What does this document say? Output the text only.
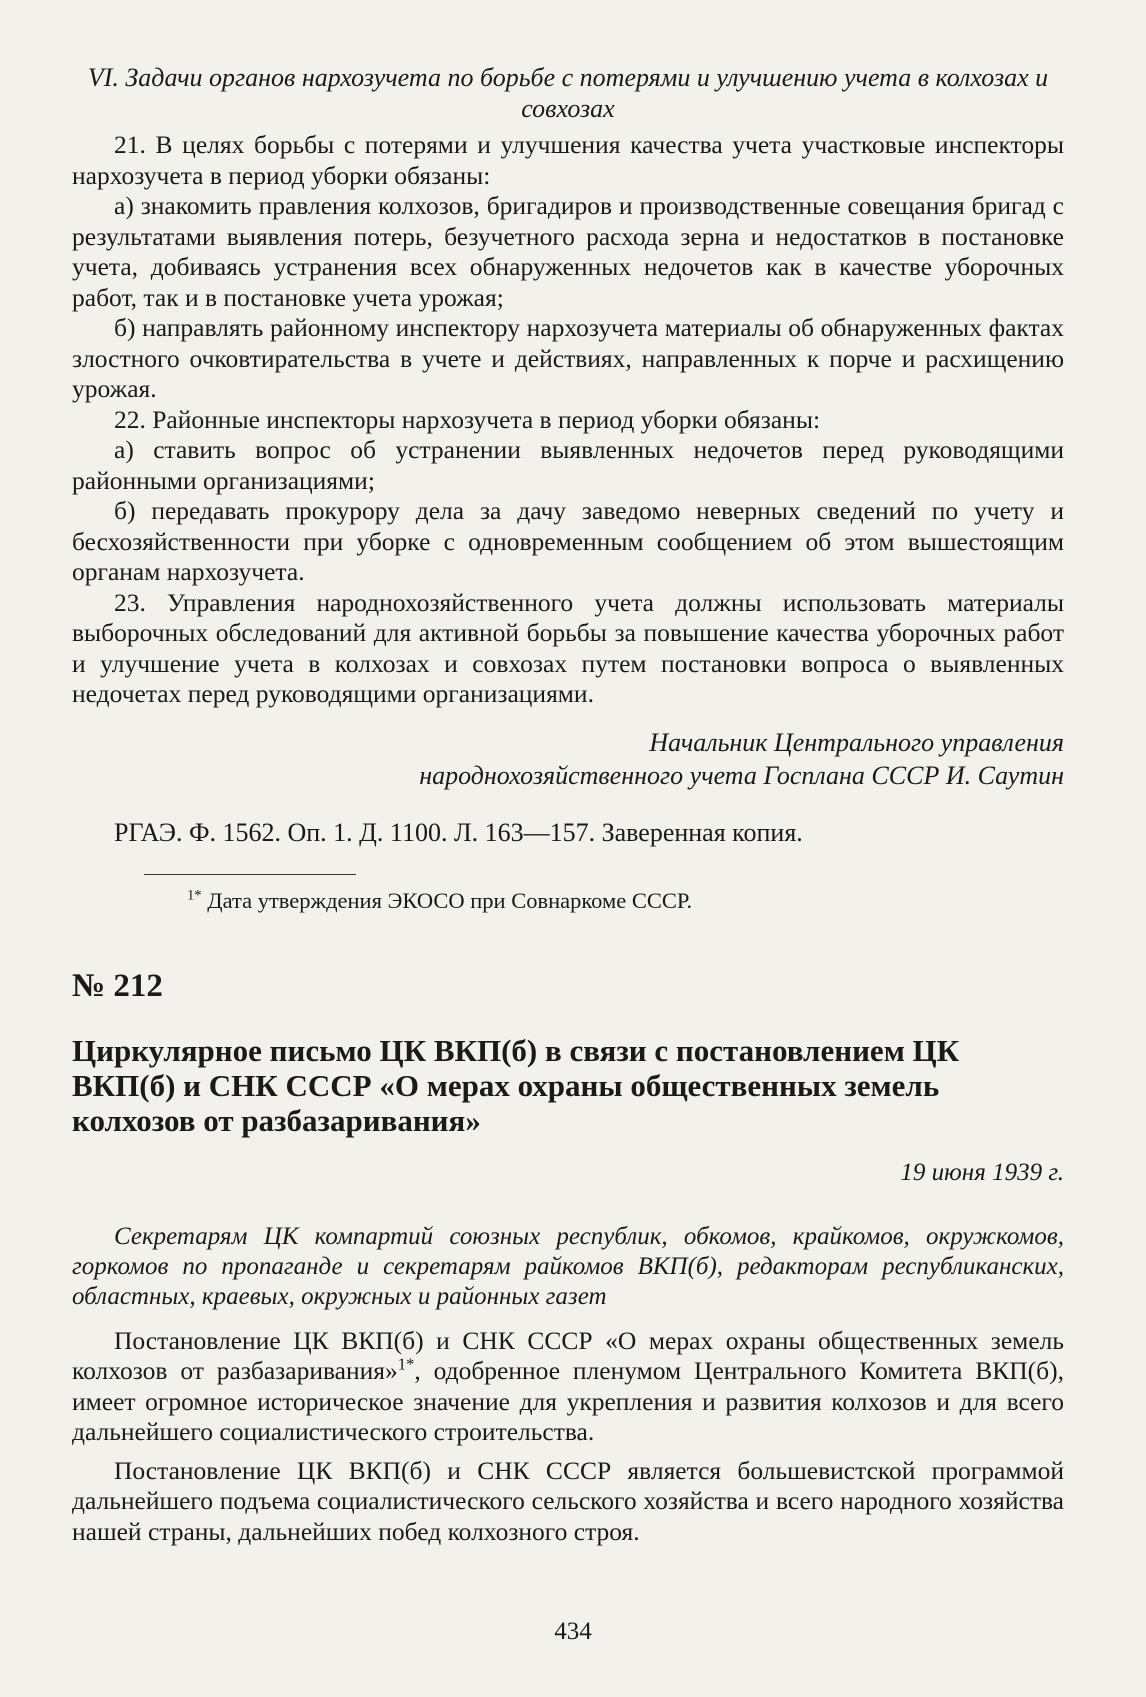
VI. Задачи органов нархозучета по борьбе с потерями и улучшению учета в колхозах и совхозах

21. В целях борьбы с потерями и улучшения качества учета участковые инспекторы нархозучета в период уборки обязаны:

а) знакомить правления колхозов, бригадиров и производственные совещания бригад с результатами выявления потерь, безучетного расхода зерна и недостатков в постановке учета, добиваясь устранения всех обнаруженных недочетов как в качестве уборочных работ, так и в постановке учета урожая;

б) направлять районному инспектору нархозучета материалы об обнаруженных фактах злостного очковтирательства в учете и действиях, направленных к порче и расхищению урожая.

22. Районные инспекторы нархозучета в период уборки обязаны:

а) ставить вопрос об устранении выявленных недочетов перед руководящими районными организациями;

б) передавать прокурору дела за дачу заведомо неверных сведений по учету и бесхозяйственности при уборке с одновременным сообщением об этом вышестоящим органам нархозучета.

23. Управления народнохозяйственного учета должны использовать материалы выборочных обследований для активной борьбы за повышение качества уборочных работ и улучшение учета в колхозах и совхозах путем постановки вопроса о выявленных недочетах перед руководящими организациями.

Начальник Центрального управления
народнохозяйственного учета Госплана СССР И. Саутин
РГАЭ. Ф. 1562. Оп. 1. Д. 1100. Л. 163—157. Заверенная копия.
$^{1*}$ Дата утверждения ЭКОСО при Совнаркоме СССР.
№ 212
Циркулярное письмо ЦК ВКП(б) в связи с постановлением ЦК ВКП(б) и СНК СССР «О мерах охраны общественных земель колхозов от разбазаривания»
19 июня 1939 г.
Секретарям ЦК компартий союзных республик, обкомов, крайкомов, окружкомов, горкомов по пропаганде и секретарям райкомов ВКП(б), редакторам республиканских, областных, краевых, окружных и районных газет

Постановление ЦК ВКП(б) и СНК СССР «О мерах охраны общественных земель колхозов от разбазаривания»$^{1*}$, одобренное пленумом Центрального Комитета ВКП(б), имеет огромное историческое значение для укрепления и развития колхозов и для всего дальнейшего социалистического строительства.

Постановление ЦК ВКП(б) и СНК СССР является большевистской программой дальнейшего подъема социалистического сельского хозяйства и всего народного хозяйства нашей страны, дальнейших побед колхозного строя.

434
